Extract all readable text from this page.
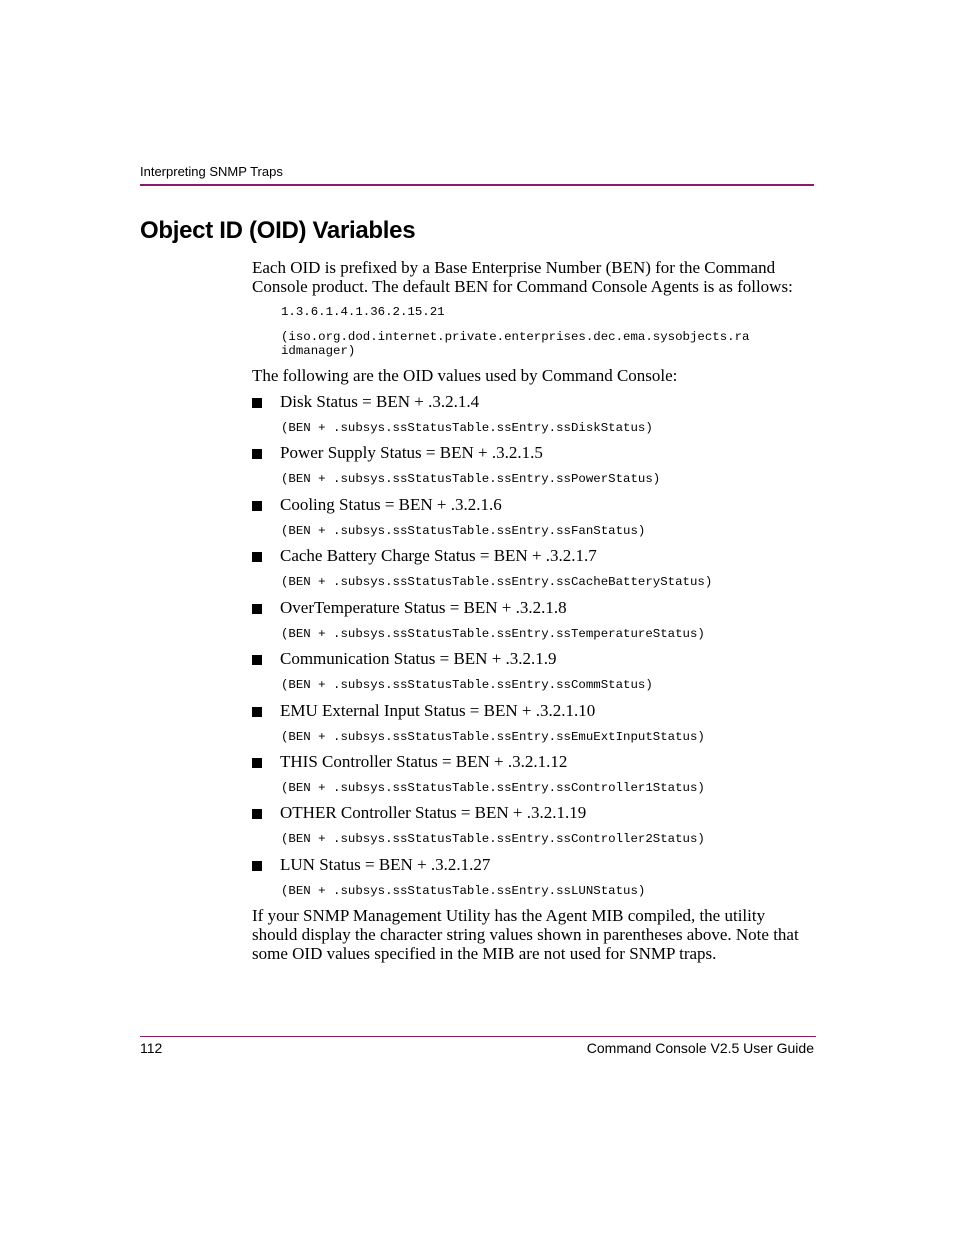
Interpreting SNMP Traps
Object ID (OID) Variables

Each OID is prefixed by a Base Enterprise Number (BEN) for the Command Console product. The default BEN for Command Console Agents is as follows:

1.3.6.1.4.1.36.2.15.21
(iso.org.dod.internet.private.enterprises.dec.ema.sysobjects.ra
idmanager)

The following are the OID values used by Command Console:

Disk Status = BEN + .3.2.1.4
(BEN + .subsys.ssStatusTable.ssEntry.ssDiskStatus)
Power Supply Status = BEN + .3.2.1.5
(BEN + .subsys.ssStatusTable.ssEntry.ssPowerStatus)
Cooling Status = BEN + .3.2.1.6
(BEN + .subsys.ssStatusTable.ssEntry.ssFanStatus)
Cache Battery Charge Status = BEN + .3.2.1.7
(BEN + .subsys.ssStatusTable.ssEntry.ssCacheBatteryStatus)
OverTemperature Status = BEN + .3.2.1.8
(BEN + .subsys.ssStatusTable.ssEntry.ssTemperatureStatus)
Communication Status = BEN + .3.2.1.9
(BEN + .subsys.ssStatusTable.ssEntry.ssCommStatus)
EMU External Input Status = BEN + .3.2.1.10
(BEN + .subsys.ssStatusTable.ssEntry.ssEmuExtInputStatus)
THIS Controller Status = BEN + .3.2.1.12
(BEN + .subsys.ssStatusTable.ssEntry.ssController1Status)
OTHER Controller Status = BEN + .3.2.1.19
(BEN + .subsys.ssStatusTable.ssEntry.ssController2Status)
LUN Status = BEN + .3.2.1.27
(BEN + .subsys.ssStatusTable.ssEntry.ssLUNStatus)

If your SNMP Management Utility has the Agent MIB compiled, the utility should display the character string values shown in parentheses above. Note that some OID values specified in the MIB are not used for SNMP traps.

112	Command Console V2.5 User Guide
